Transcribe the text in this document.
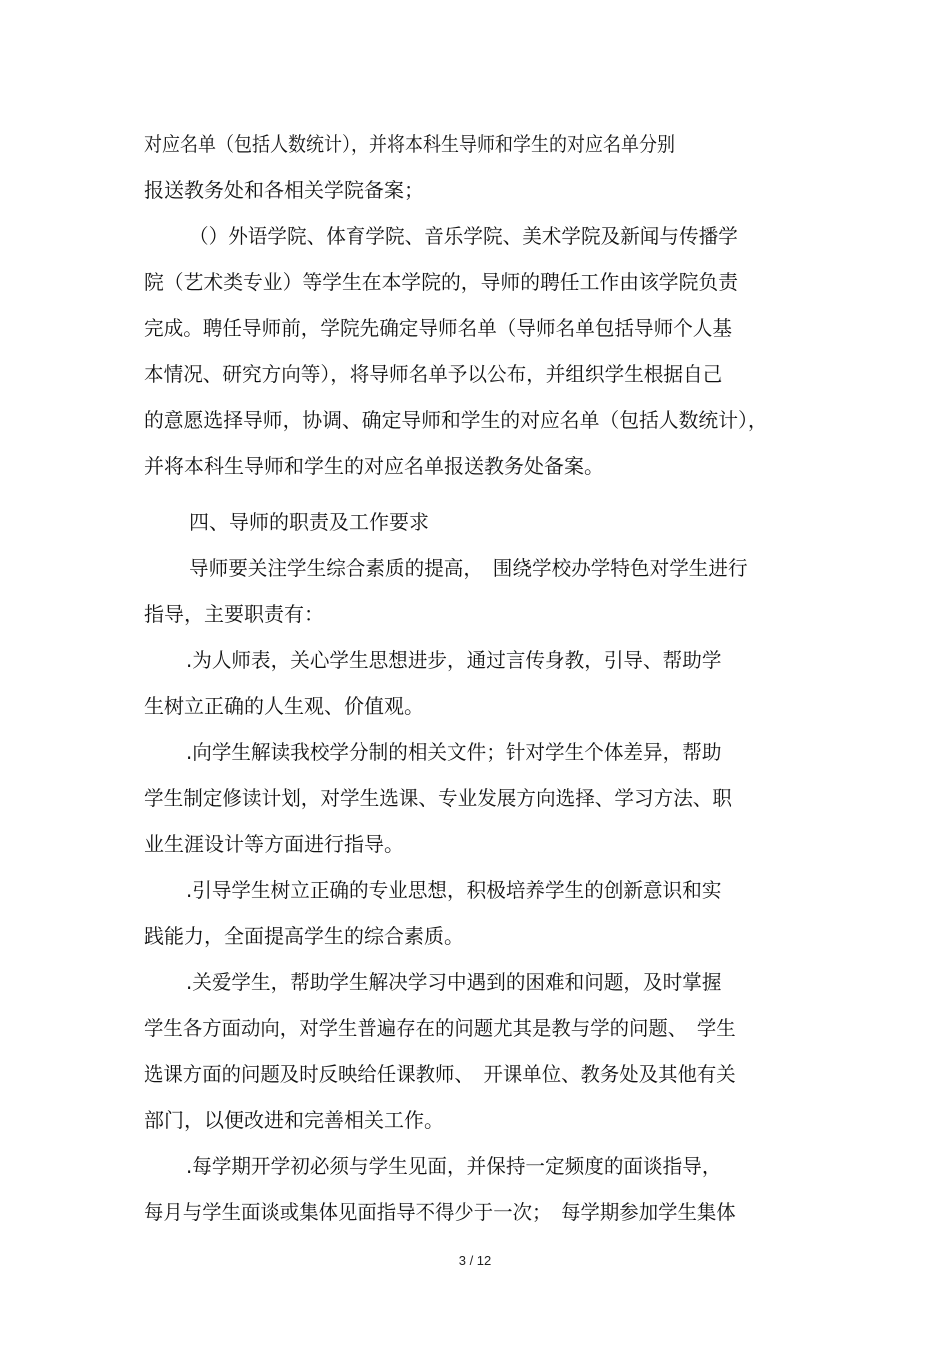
对应名单（包括人数统计），并将本科生导师和学生的对应名单分别
报送教务处和各相关学院备案；
（）外语学院、体育学院、音乐学院、美术学院及新闻与传播学
院（艺术类专业）等学生在本学院的，导师的聘任工作由该学院负责
完成。聘任导师前，学院先确定导师名单（导师名单包括导师个人基
本情况、研究方向等），将导师名单予以公布，并组织学生根据自己
的意愿选择导师，协调、确定导师和学生的对应名单（包括人数统计），
并将本科生导师和学生的对应名单报送教务处备案。
四、导师的职责及工作要求
导师要关注学生综合素质的提高，　围绕学校办学特色对学生进行
指导，主要职责有：
.为人师表，关心学生思想进步，通过言传身教，引导、帮助学
生树立正确的人生观、价值观。
.向学生解读我校学分制的相关文件；针对学生个体差异，帮助
学生制定修读计划，对学生选课、专业发展方向选择、学习方法、职
业生涯设计等方面进行指导。
.引导学生树立正确的专业思想，积极培养学生的创新意识和实
践能力，全面提高学生的综合素质。
.关爱学生，帮助学生解决学习中遇到的困难和问题，及时掌握
学生各方面动向，对学生普遍存在的问题尤其是教与学的问题、　学生
选课方面的问题及时反映给任课教师、　开课单位、教务处及其他有关
部门，以便改进和完善相关工作。
.每学期开学初必须与学生见面，并保持一定频度的面谈指导，
每月与学生面谈或集体见面指导不得少于一次；　每学期参加学生集体
3 / 12
